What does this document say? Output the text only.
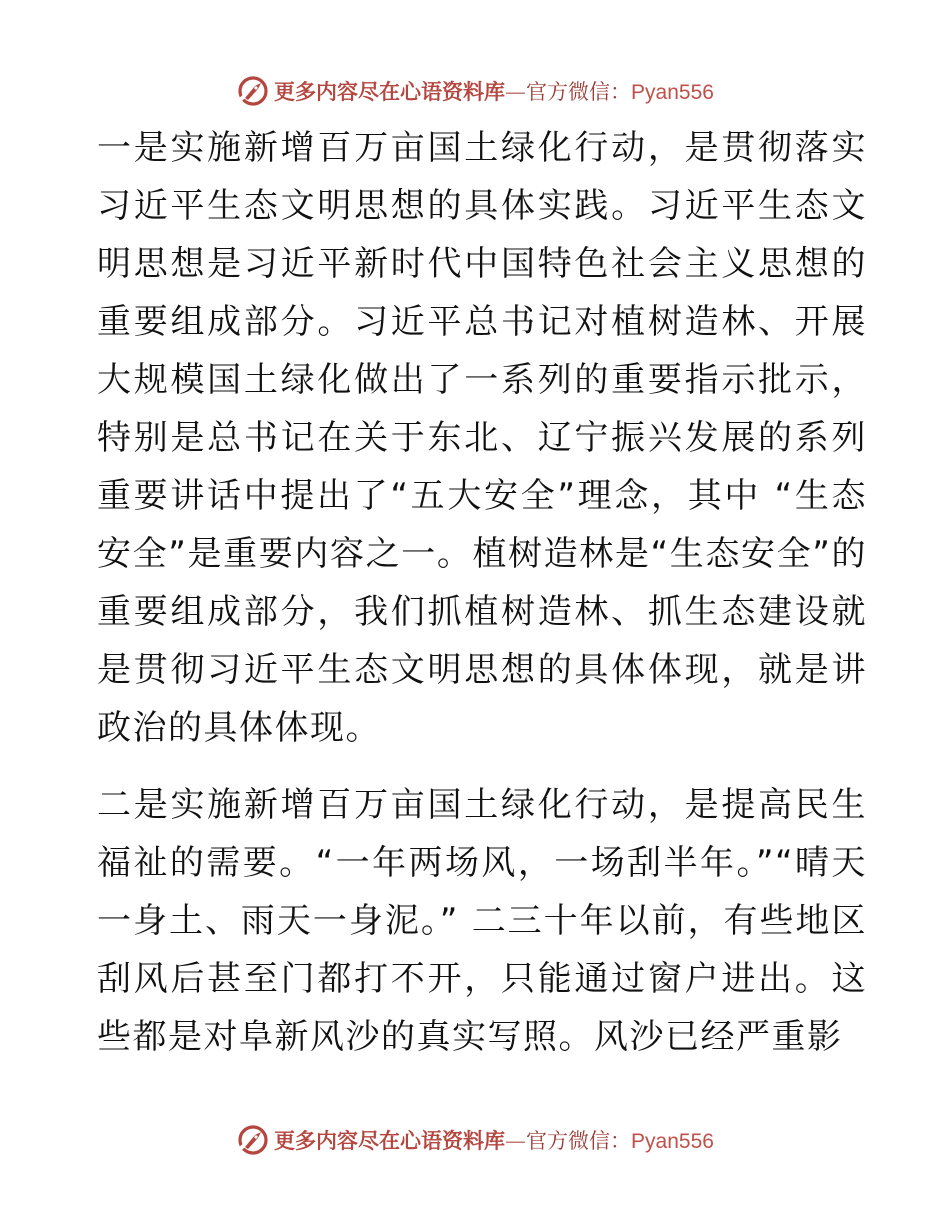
更多内容尽在心语资料库—官方微信：Pyan556

一是实施新增百万亩国土绿化行动，是贯彻落实习近平生态文明思想的具体实践。习近平生态文明思想是习近平新时代中国特色社会主义思想的重要组成部分。习近平总书记对植树造林、开展大规模国土绿化做出了一系列的重要指示批示，特别是总书记在关于东北、辽宁振兴发展的系列重要讲话中提出了“五大安全”理念，其中 “生态安全”是重要内容之一。植树造林是“生态安全”的重要组成部分，我们抓植树造林、抓生态建设就是贯彻习近平生态文明思想的具体体现，就是讲政治的具体体现。

二是实施新增百万亩国土绿化行动，是提高民生福祉的需要。“一年两场风，一场刮半年。”“晴天一身土、雨天一身泥。” 二三十年以前，有些地区刮风后甚至门都打不开，只能通过窗户进出。这些都是对阜新风沙的真实写照。风沙已经严重影

更多内容尽在心语资料库—官方微信：Pyan556
